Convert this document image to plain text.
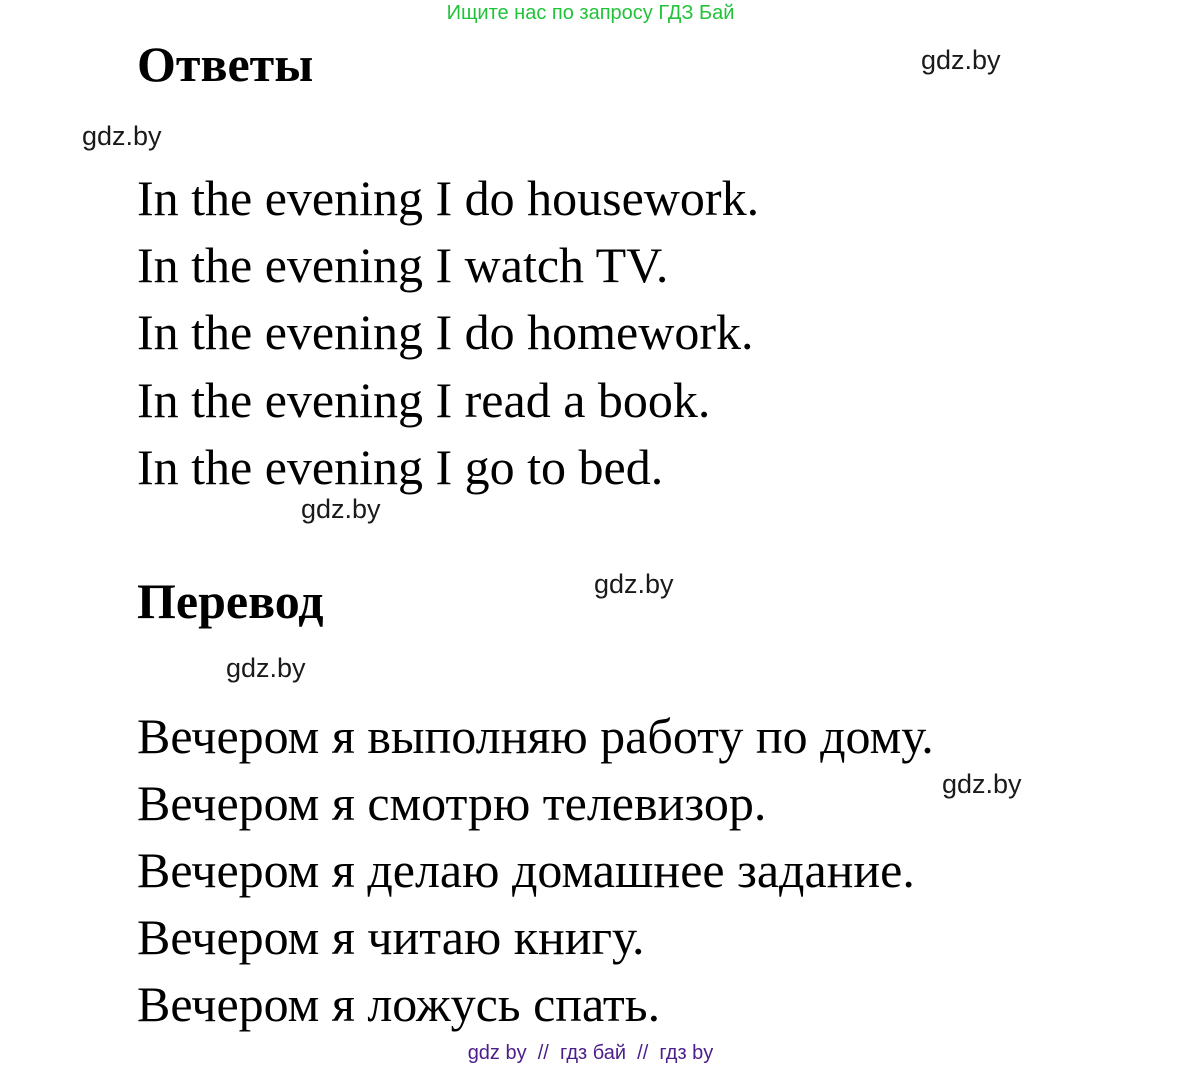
Ищите нас по запросу ГДЗ Бай
Ответы	gdz.by
gdz.by
In the evening I do housework.
In the evening I watch TV.
In the evening I do homework.
In the evening I read a book.
In the evening I go to bed.
gdz.by
Перевод	gdz.by
gdz.by
Вечером я выполняю работу по дому.
gdz.by
Вечером я смотрю телевизор.
Вечером я делаю домашнее задание.
Вечером я читаю книгу.
Вечером я ложусь спать.
gdz by  //  гдз бай  //  гдз by
